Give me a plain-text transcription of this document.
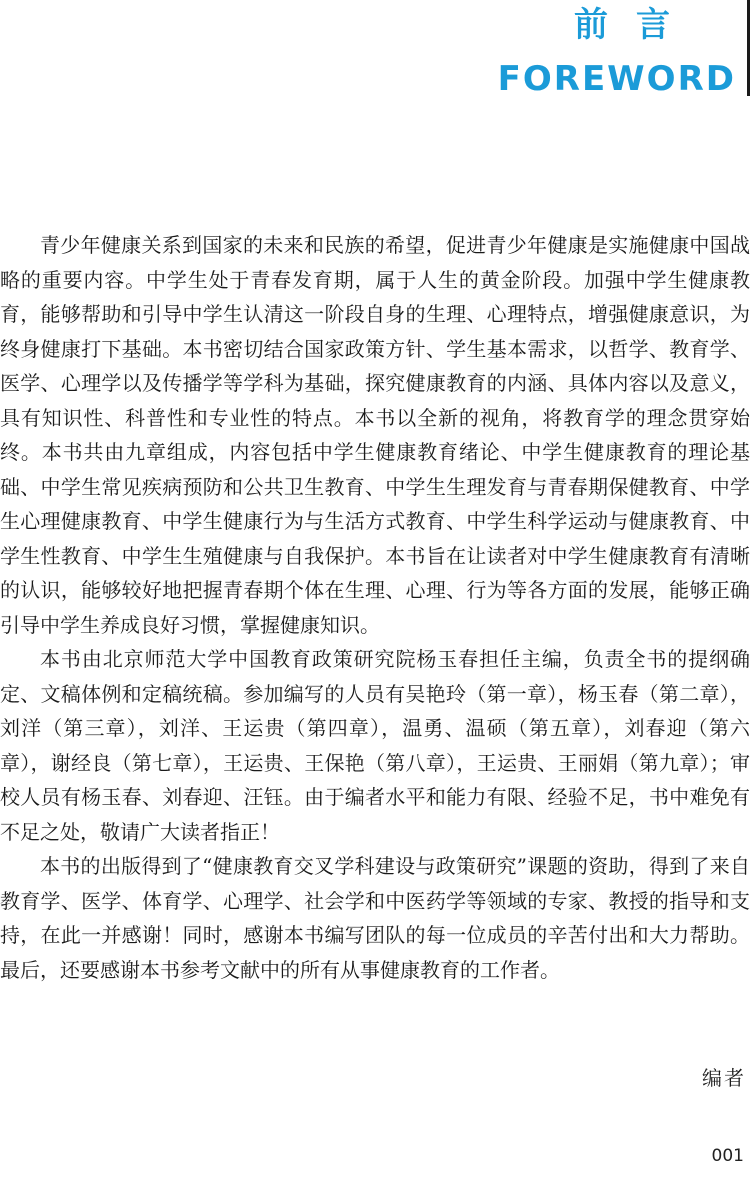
前言
FOREWORD

青少年健康关系到国家的未来和民族的希望，促进青少年健康是实施健康中国战略的重要内容。中学生处于青春发育期，属于人生的黄金阶段。加强中学生健康教育，能够帮助和引导中学生认清这一阶段自身的生理、心理特点，增强健康意识，为终身健康打下基础。本书密切结合国家政策方针、学生基本需求，以哲学、教育学、医学、心理学以及传播学等学科为基础，探究健康教育的内涵、具体内容以及意义，具有知识性、科普性和专业性的特点。本书以全新的视角，将教育学的理念贯穿始终。本书共由九章组成，内容包括中学生健康教育绪论、中学生健康教育的理论基础、中学生常见疾病预防和公共卫生教育、中学生生理发育与青春期保健教育、中学生心理健康教育、中学生健康行为与生活方式教育、中学生科学运动与健康教育、中学生性教育、中学生生殖健康与自我保护。本书旨在让读者对中学生健康教育有清晰的认识，能够较好地把握青春期个体在生理、心理、行为等各方面的发展，能够正确引导中学生养成良好习惯，掌握健康知识。

本书由北京师范大学中国教育政策研究院杨玉春担任主编，负责全书的提纲确定、文稿体例和定稿统稿。参加编写的人员有吴艳玲（第一章），杨玉春（第二章），刘洋（第三章），刘洋、王运贵（第四章），温勇、温硕（第五章），刘春迎（第六章），谢经良（第七章），王运贵、王保艳（第八章），王运贵、王丽娟（第九章）；审校人员有杨玉春、刘春迎、汪钰。由于编者水平和能力有限、经验不足，书中难免有不足之处，敬请广大读者指正！

本书的出版得到了“健康教育交叉学科建设与政策研究”课题的资助，得到了来自教育学、医学、体育学、心理学、社会学和中医药学等领域的专家、教授的指导和支持，在此一并感谢！同时，感谢本书编写团队的每一位成员的辛苦付出和大力帮助。最后，还要感谢本书参考文献中的所有从事健康教育的工作者。

编者

001
